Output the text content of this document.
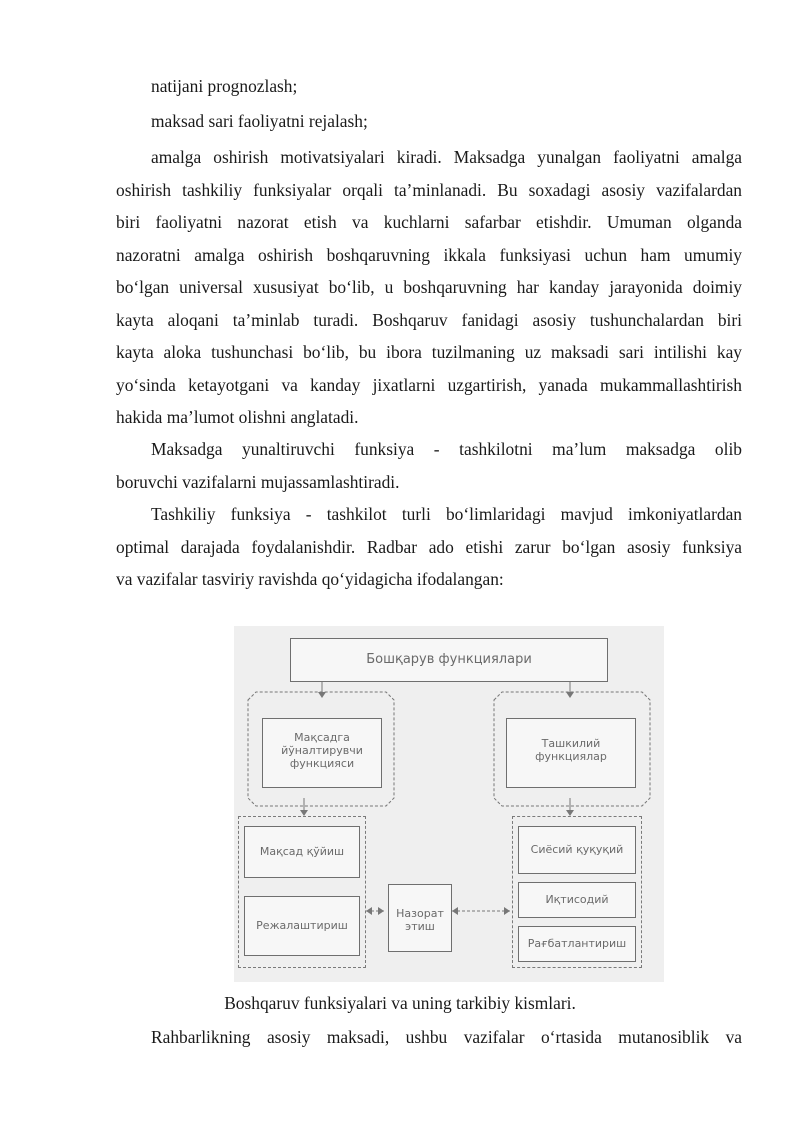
natijani prognozlash;
maksad sari faoliyatni rejalash;
amalga oshirish motivatsiyalari kiradi. Maksadga yunalgan faoliyatni amalga
oshirish tashkiliy funksiyalar orqali ta’minlanadi. Bu soxadagi asosiy vazifalardan
biri faoliyatni nazorat etish va kuchlarni safarbar etishdir. Umuman olganda
nazoratni amalga oshirish boshqaruvning ikkala funksiyasi uchun ham umumiy
bo‘lgan universal xususiyat bo‘lib, u boshqaruvning har kanday jarayonida doimiy
kayta aloqani ta’minlab turadi. Boshqaruv fanidagi asosiy tushunchalardan biri
kayta aloka tushunchasi bo‘lib, bu ibora tuzilmaning uz maksadi sari intilishi kay
yo‘sinda ketayotgani va kanday jixatlarni uzgartirish, yanada mukammallashtirish
hakida ma’lumot olishni anglatadi.
Maksadga yunaltiruvchi funksiya - tashkilotni ma’lum maksadga olib
boruvchi vazifalarni mujassamlashtiradi.
Tashkiliy funksiya - tashkilot turli bo‘limlaridagi mavjud imkoniyatlardan
optimal darajada foydalanishdir. Radbar ado etishi zarur bo‘lgan asosiy funksiya
va vazifalar tasviriy ravishda qo‘yidagicha ifodalangan:
Бошқарув функциялари
Мақсадга йўналтирувчи функцияси
Ташкилий функциялар
Мақсад қўйиш
Режалаштириш
Назорат этиш
Сиёсий қуқуқий
Иқтисодий
Рағбатлантириш
Boshqaruv funksiyalari va uning tarkibiy kismlari.
Rahbarlikning asosiy maksadi, ushbu vazifalar o‘rtasida mutanosiblik va
